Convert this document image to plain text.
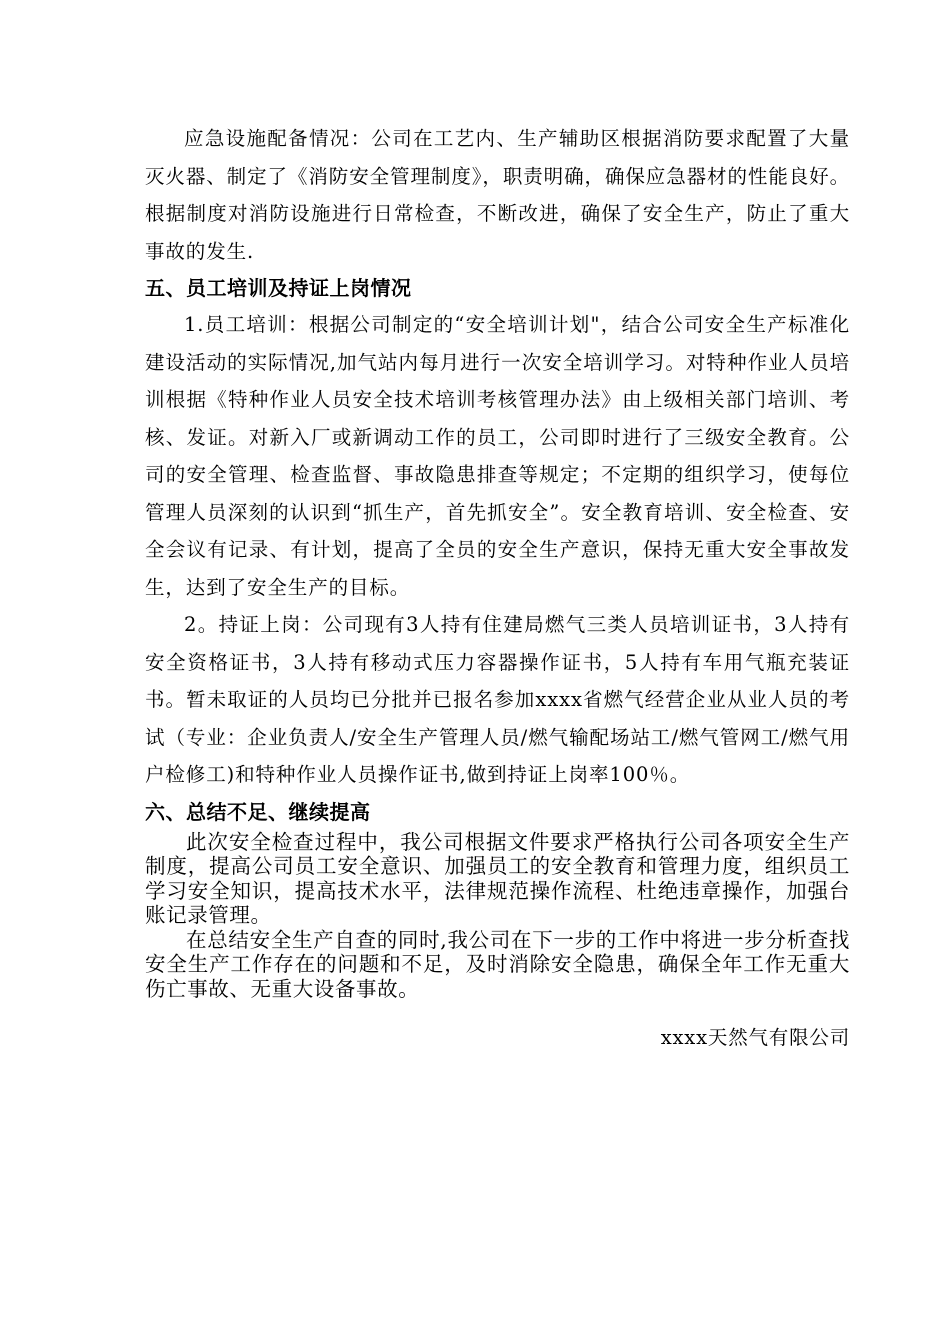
应急设施配备情况：公司在工艺内、生产辅助区根据消防要求配置了大量灭火器、制定了《消防安全管理制度》，职责明确，确保应急器材的性能良好。根据制度对消防设施进行日常检查，不断改进，确保了安全生产，防止了重大事故的发生.

五、员工培训及持证上岗情况

1.员工培训：根据公司制定的“安全培训计划"，结合公司安全生产标准化建设活动的实际情况,加气站内每月进行一次安全培训学习。对特种作业人员培训根据《特种作业人员安全技术培训考核管理办法》由上级相关部门培训、考核、发证。对新入厂或新调动工作的员工，公司即时进行了三级安全教育。公司的安全管理、检查监督、事故隐患排查等规定；不定期的组织学习，使每位管理人员深刻的认识到“抓生产，首先抓安全”。安全教育培训、安全检查、安全会议有记录、有计划，提高了全员的安全生产意识，保持无重大安全事故发生，达到了安全生产的目标。

2。持证上岗：公司现有3人持有住建局燃气三类人员培训证书，3人持有安全资格证书，3人持有移动式压力容器操作证书，5人持有车用气瓶充装证书。暂未取证的人员均已分批并已报名参加xxxx省燃气经营企业从业人员的考试（专业：企业负责人/安全生产管理人员/燃气输配场站工/燃气管网工/燃气用户检修工)和特种作业人员操作证书,做到持证上岗率100％。

六、总结不足、继续提高

此次安全检查过程中，我公司根据文件要求严格执行公司各项安全生产制度，提高公司员工安全意识、加强员工的安全教育和管理力度，组织员工学习安全知识，提高技术水平，法律规范操作流程、杜绝违章操作，加强台账记录管理。

在总结安全生产自查的同时,我公司在下一步的工作中将进一步分析查找安全生产工作存在的问题和不足，及时消除安全隐患，确保全年工作无重大伤亡事故、无重大设备事故。

xxxx天然气有限公司
